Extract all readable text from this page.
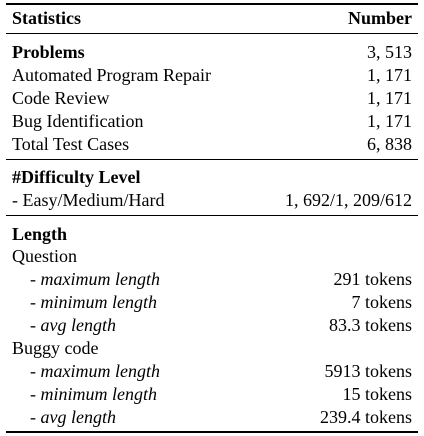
Statistics	Number
Problems	3, 513
Automated Program Repair	1, 171
Code Review	1, 171
Bug Identification	1, 171
Total Test Cases	6, 838
#Difficulty Level
- Easy/Medium/Hard	1, 692/1, 209/612
Length
Question
- maximum length	291 tokens
- minimum length	7 tokens
- avg length	83.3 tokens
Buggy code
- maximum length	5913 tokens
- minimum length	15 tokens
- avg length	239.4 tokens
